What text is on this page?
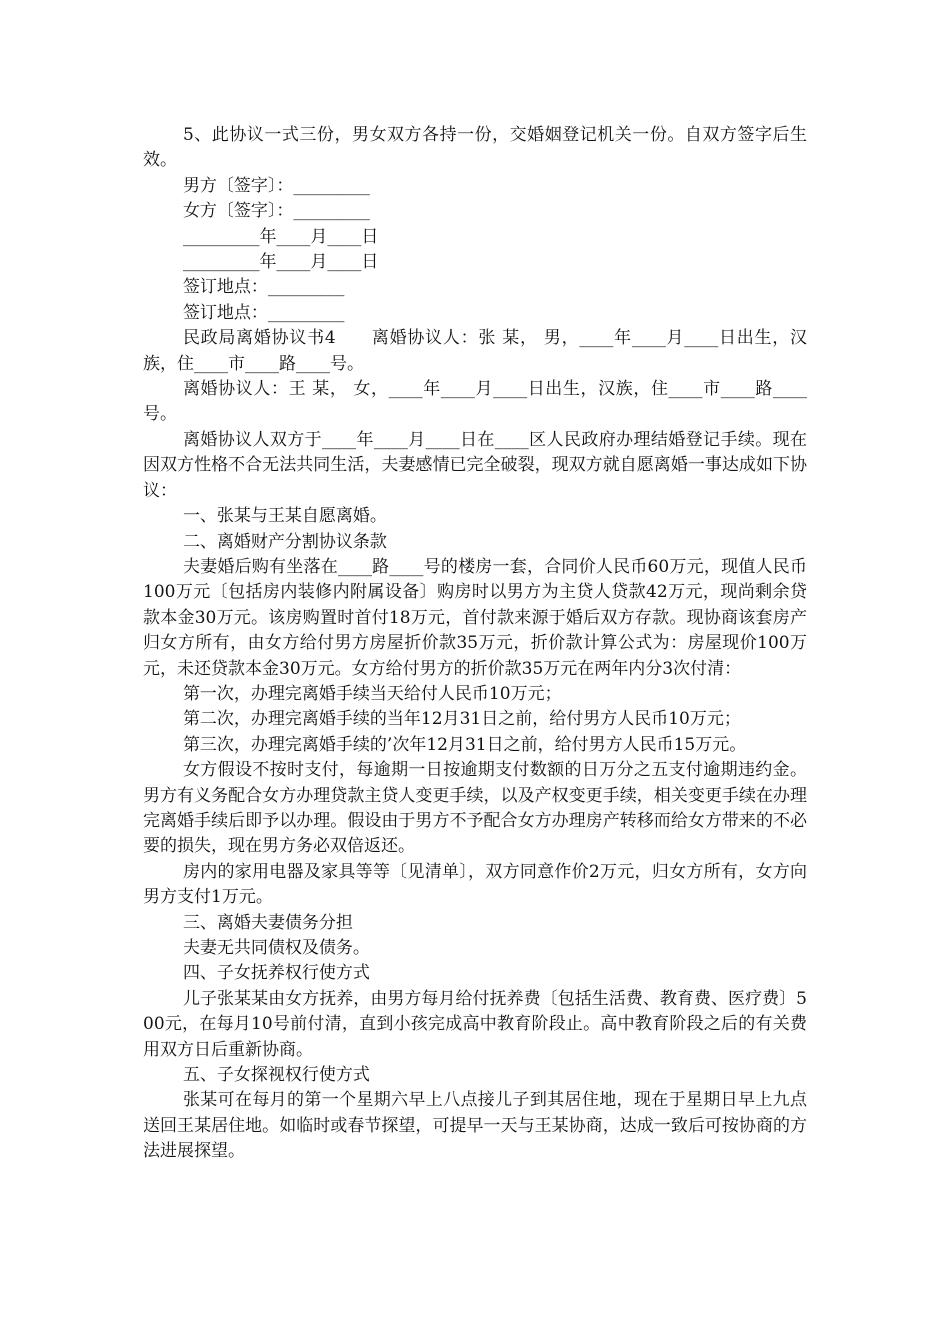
5、此协议一式三份，男女双方各持一份，交婚姻登记机关一份。自双方签字后生效。

男方〔签字〕：_________

女方〔签字〕：_________

_________年____月____日

_________年____月____日

签订地点：_________

签订地点：_________

民政局离婚协议书4　　离婚协议人：张 某， 男，____年____月____日出生，汉族，住____市____路____号。

离婚协议人：王 某， 女，____年____月____日出生，汉族，住____市____路____号。

离婚协议人双方于____年____月____日在____区人民政府办理结婚登记手续。现在因双方性格不合无法共同生活，夫妻感情已完全破裂，现双方就自愿离婚一事达成如下协议：

一、张某与王某自愿离婚。

二、离婚财产分割协议条款

夫妻婚后购有坐落在____路____号的楼房一套，合同价人民币60万元，现值人民币100万元〔包括房内装修内附属设备〕购房时以男方为主贷人贷款42万元，现尚剩余贷款本金30万元。该房购置时首付18万元，首付款来源于婚后双方存款。现协商该套房产归女方所有，由女方给付男方房屋折价款35万元，折价款计算公式为：房屋现价100万元，未还贷款本金30万元。女方给付男方的折价款35万元在两年内分3次付清：

第一次，办理完离婚手续当天给付人民币10万元；

第二次，办理完离婚手续的当年12月31日之前，给付男方人民币10万元；

第三次，办理完离婚手续的’次年12月31日之前，给付男方人民币15万元。

女方假设不按时支付，每逾期一日按逾期支付数额的日万分之五支付逾期违约金。男方有义务配合女方办理贷款主贷人变更手续，以及产权变更手续，相关变更手续在办理完离婚手续后即予以办理。假设由于男方不予配合女方办理房产转移而给女方带来的不必要的损失，现在男方务必双倍返还。

房内的家用电器及家具等等〔见清单〕，双方同意作价2万元，归女方所有，女方向男方支付1万元。

三、离婚夫妻债务分担

夫妻无共同债权及债务。

四、子女抚养权行使方式

儿子张某某由女方抚养，由男方每月给付抚养费〔包括生活费、教育费、医疗费〕500元，在每月10号前付清，直到小孩完成高中教育阶段止。高中教育阶段之后的有关费用双方日后重新协商。

五、子女探视权行使方式

张某可在每月的第一个星期六早上八点接儿子到其居住地，现在于星期日早上九点送回王某居住地。如临时或春节探望，可提早一天与王某协商，达成一致后可按协商的方法进展探望。
